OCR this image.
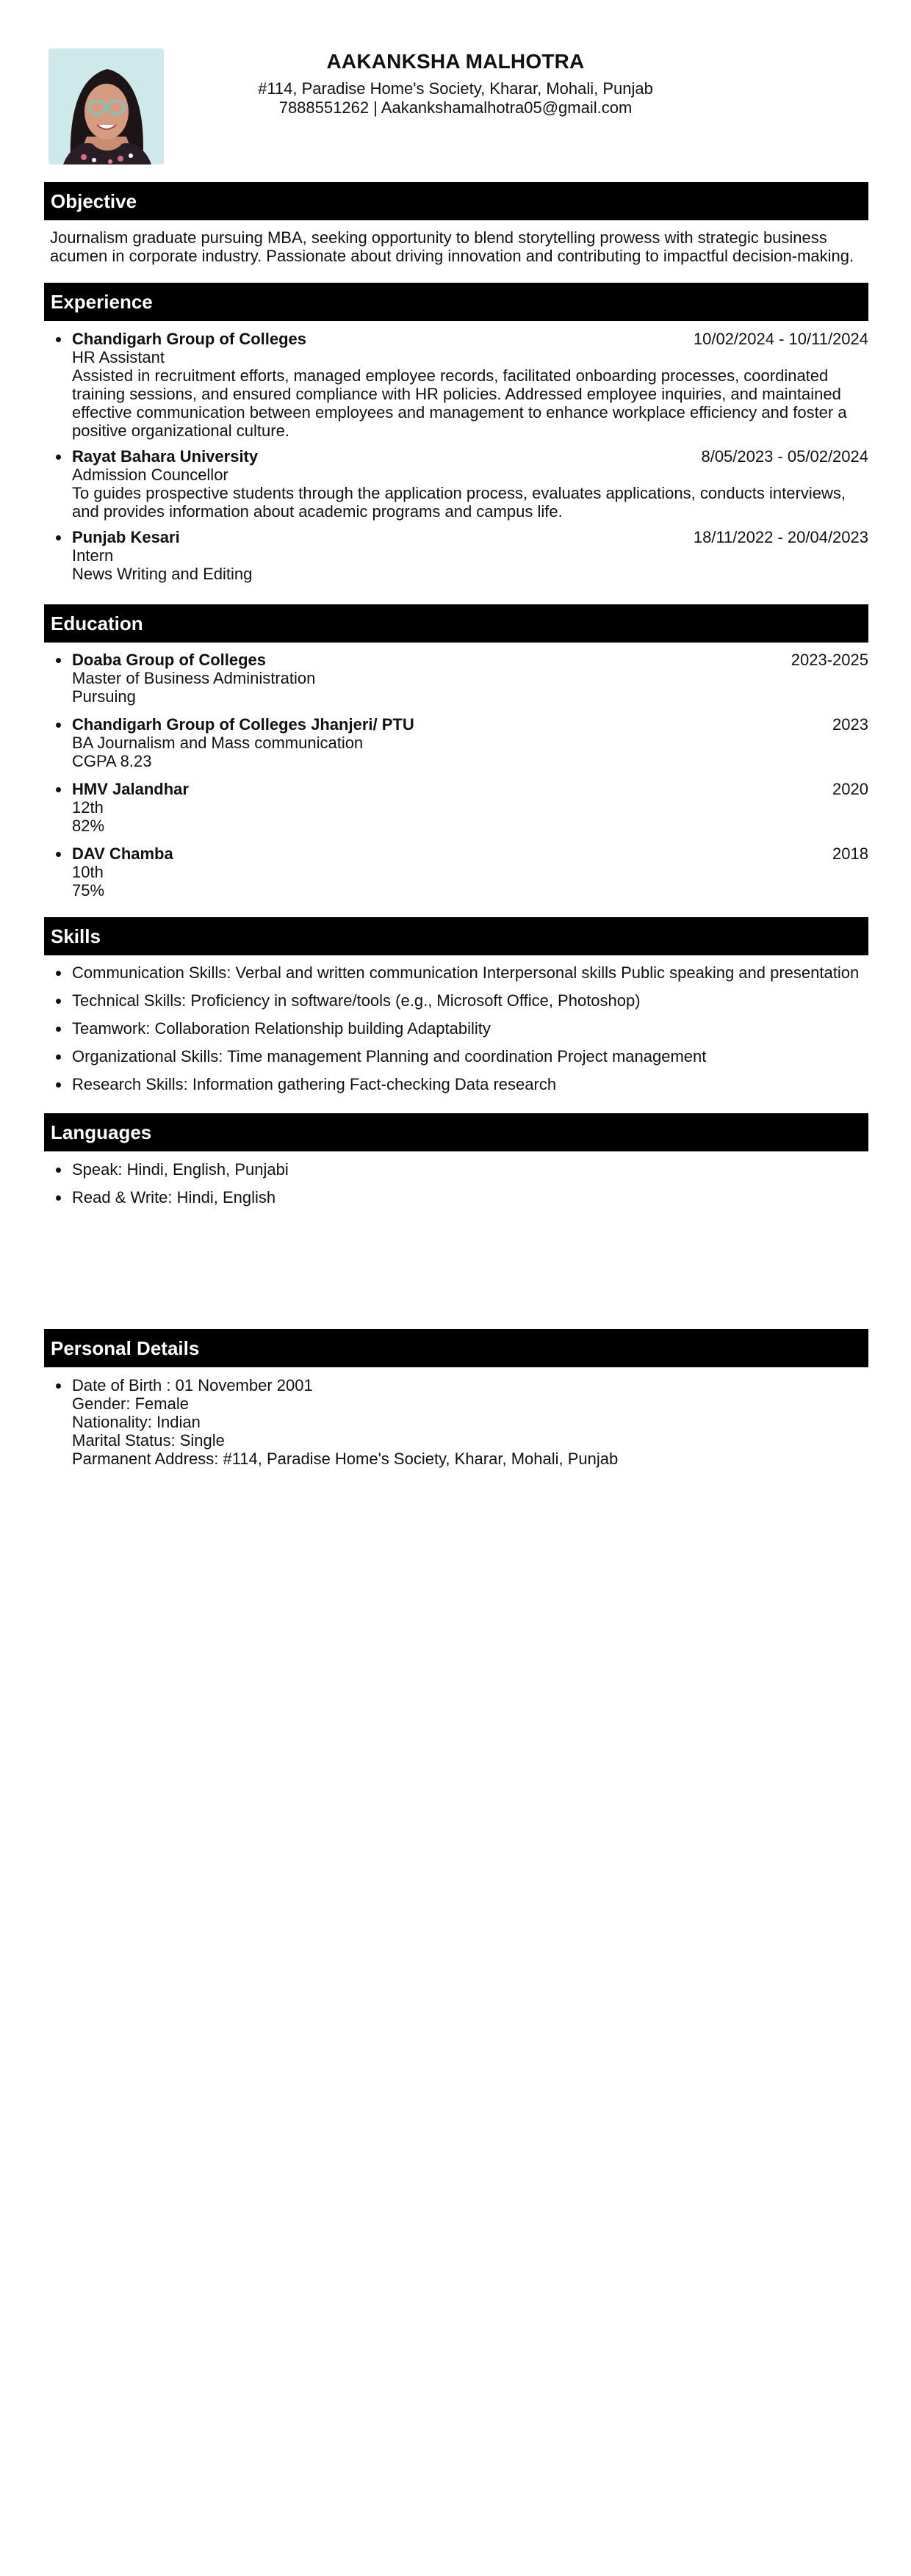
AAKANKSHA MALHOTRA
#114, Paradise Home's Society, Kharar, Mohali, Punjab
7888551262 | Aakankshamalhotra05@gmail.com
Objective
Journalism graduate pursuing MBA, seeking opportunity to blend storytelling prowess with strategic business acumen in corporate industry. Passionate about driving innovation and contributing to impactful decision-making.
Experience
Chandigarh Group of Colleges	10/02/2024 - 10/11/2024
HR Assistant
Assisted in recruitment efforts, managed employee records, facilitated onboarding processes, coordinated training sessions, and ensured compliance with HR policies. Addressed employee inquiries, and maintained effective communication between employees and management to enhance workplace efficiency and foster a positive organizational culture.
Rayat Bahara University	8/05/2023 - 05/02/2024
Admission Councellor
To guides prospective students through the application process, evaluates applications, conducts interviews, and provides information about academic programs and campus life.
Punjab Kesari	18/11/2022 - 20/04/2023
Intern
News Writing and Editing
Education
Doaba Group of Colleges	2023-2025
Master of Business Administration
Pursuing
Chandigarh Group of Colleges Jhanjeri/ PTU	2023
BA Journalism and Mass communication
CGPA 8.23
HMV Jalandhar	2020
12th
82%
DAV Chamba	2018
10th
75%
Skills
Communication Skills: Verbal and written communication Interpersonal skills Public speaking and presentation
Technical Skills: Proficiency in software/tools (e.g., Microsoft Office, Photoshop)
Teamwork: Collaboration Relationship building Adaptability
Organizational Skills: Time management Planning and coordination Project management
Research Skills: Information gathering Fact-checking Data research
Languages
Speak: Hindi, English, Punjabi
Read & Write: Hindi, English
Personal Details
Date of Birth : 01 November 2001
Gender: Female
Nationality: Indian
Marital Status: Single
Parmanent Address: #114, Paradise Home's Society, Kharar, Mohali, Punjab
